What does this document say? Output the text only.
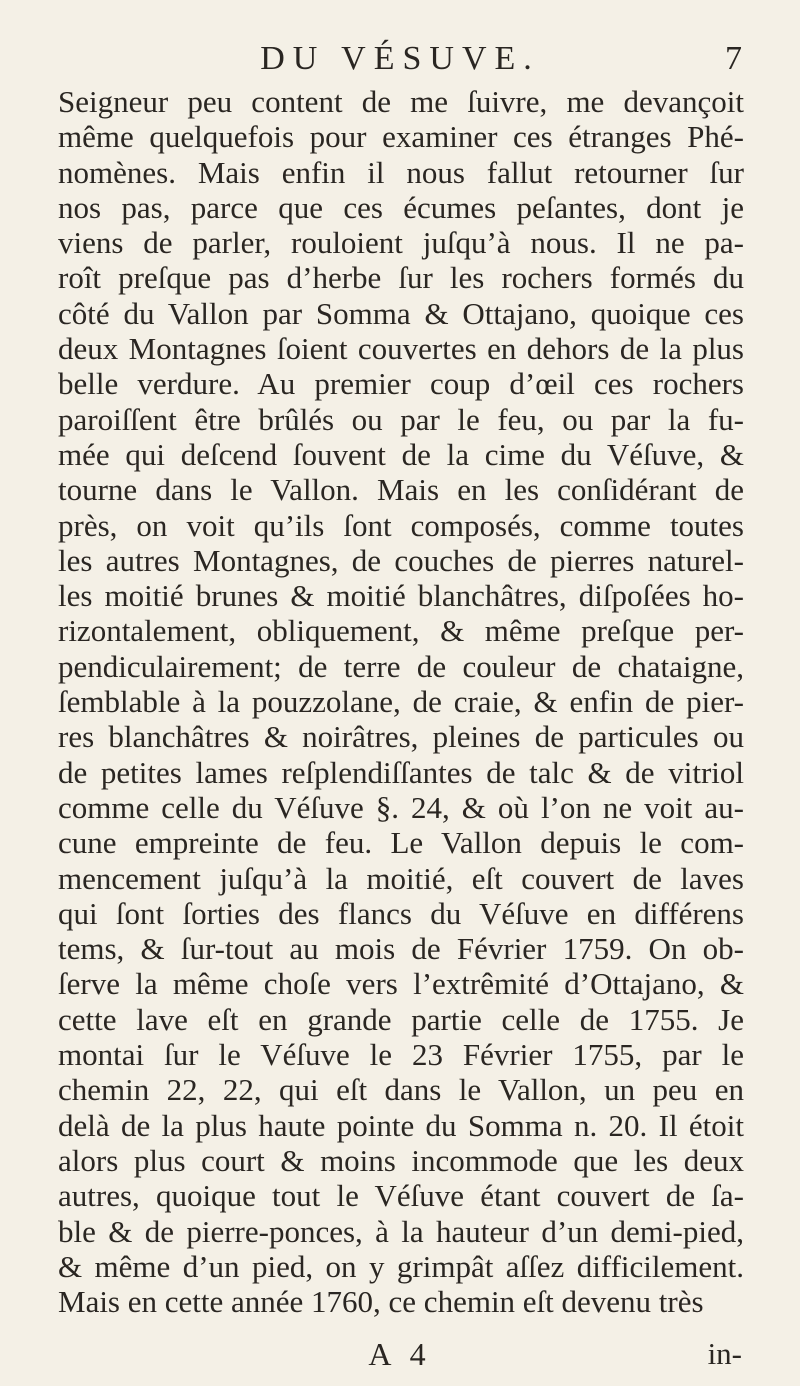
DU VÉSUVE.	7
Seigneur peu content de me ſuivre, me devançoit
même quelquefois pour examiner ces étranges Phé-
nomènes. Mais enfin il nous fallut retourner ſur
nos pas, parce que ces écumes peſantes, dont je
viens de parler, rouloient juſqu’à nous. Il ne pa-
roît preſque pas d’herbe ſur les rochers formés du
côté du Vallon par Somma & Ottajano, quoique ces
deux Montagnes ſoient couvertes en dehors de la plus
belle verdure. Au premier coup d’œil ces rochers
paroiſſent être brûlés ou par le feu, ou par la fu-
mée qui deſcend ſouvent de la cime du Véſuve, &
tourne dans le Vallon. Mais en les conſidérant de
près, on voit qu’ils ſont composés, comme toutes
les autres Montagnes, de couches de pierres naturel-
les moitié brunes & moitié blanchâtres, diſpoſées ho-
rizontalement, obliquement, & même preſque per-
pendiculairement; de terre de couleur de chataigne,
ſemblable à la pouzzolane, de craie, & enfin de pier-
res blanchâtres & noirâtres, pleines de particules ou
de petites lames reſplendiſſantes de talc & de vitriol
comme celle du Véſuve §. 24, & où l’on ne voit au-
cune empreinte de feu. Le Vallon depuis le com-
mencement juſqu’à la moitié, eſt couvert de laves
qui ſont ſorties des flancs du Véſuve en différens
tems, & ſur-tout au mois de Février 1759. On ob-
ſerve la même choſe vers l’extrêmité d’Ottajano, &
cette lave eſt en grande partie celle de 1755. Je
montai ſur le Véſuve le 23 Février 1755, par le
chemin 22, 22, qui eſt dans le Vallon, un peu en
delà de la plus haute pointe du Somma n. 20. Il étoit
alors plus court & moins incommode que les deux
autres, quoique tout le Véſuve étant couvert de ſa-
ble & de pierre-ponces, à la hauteur d’un demi-pied,
& même d’un pied, on y grimpât aſſez difficilement.
Mais en cette année 1760, ce chemin eſt devenu très
A 4	in-
